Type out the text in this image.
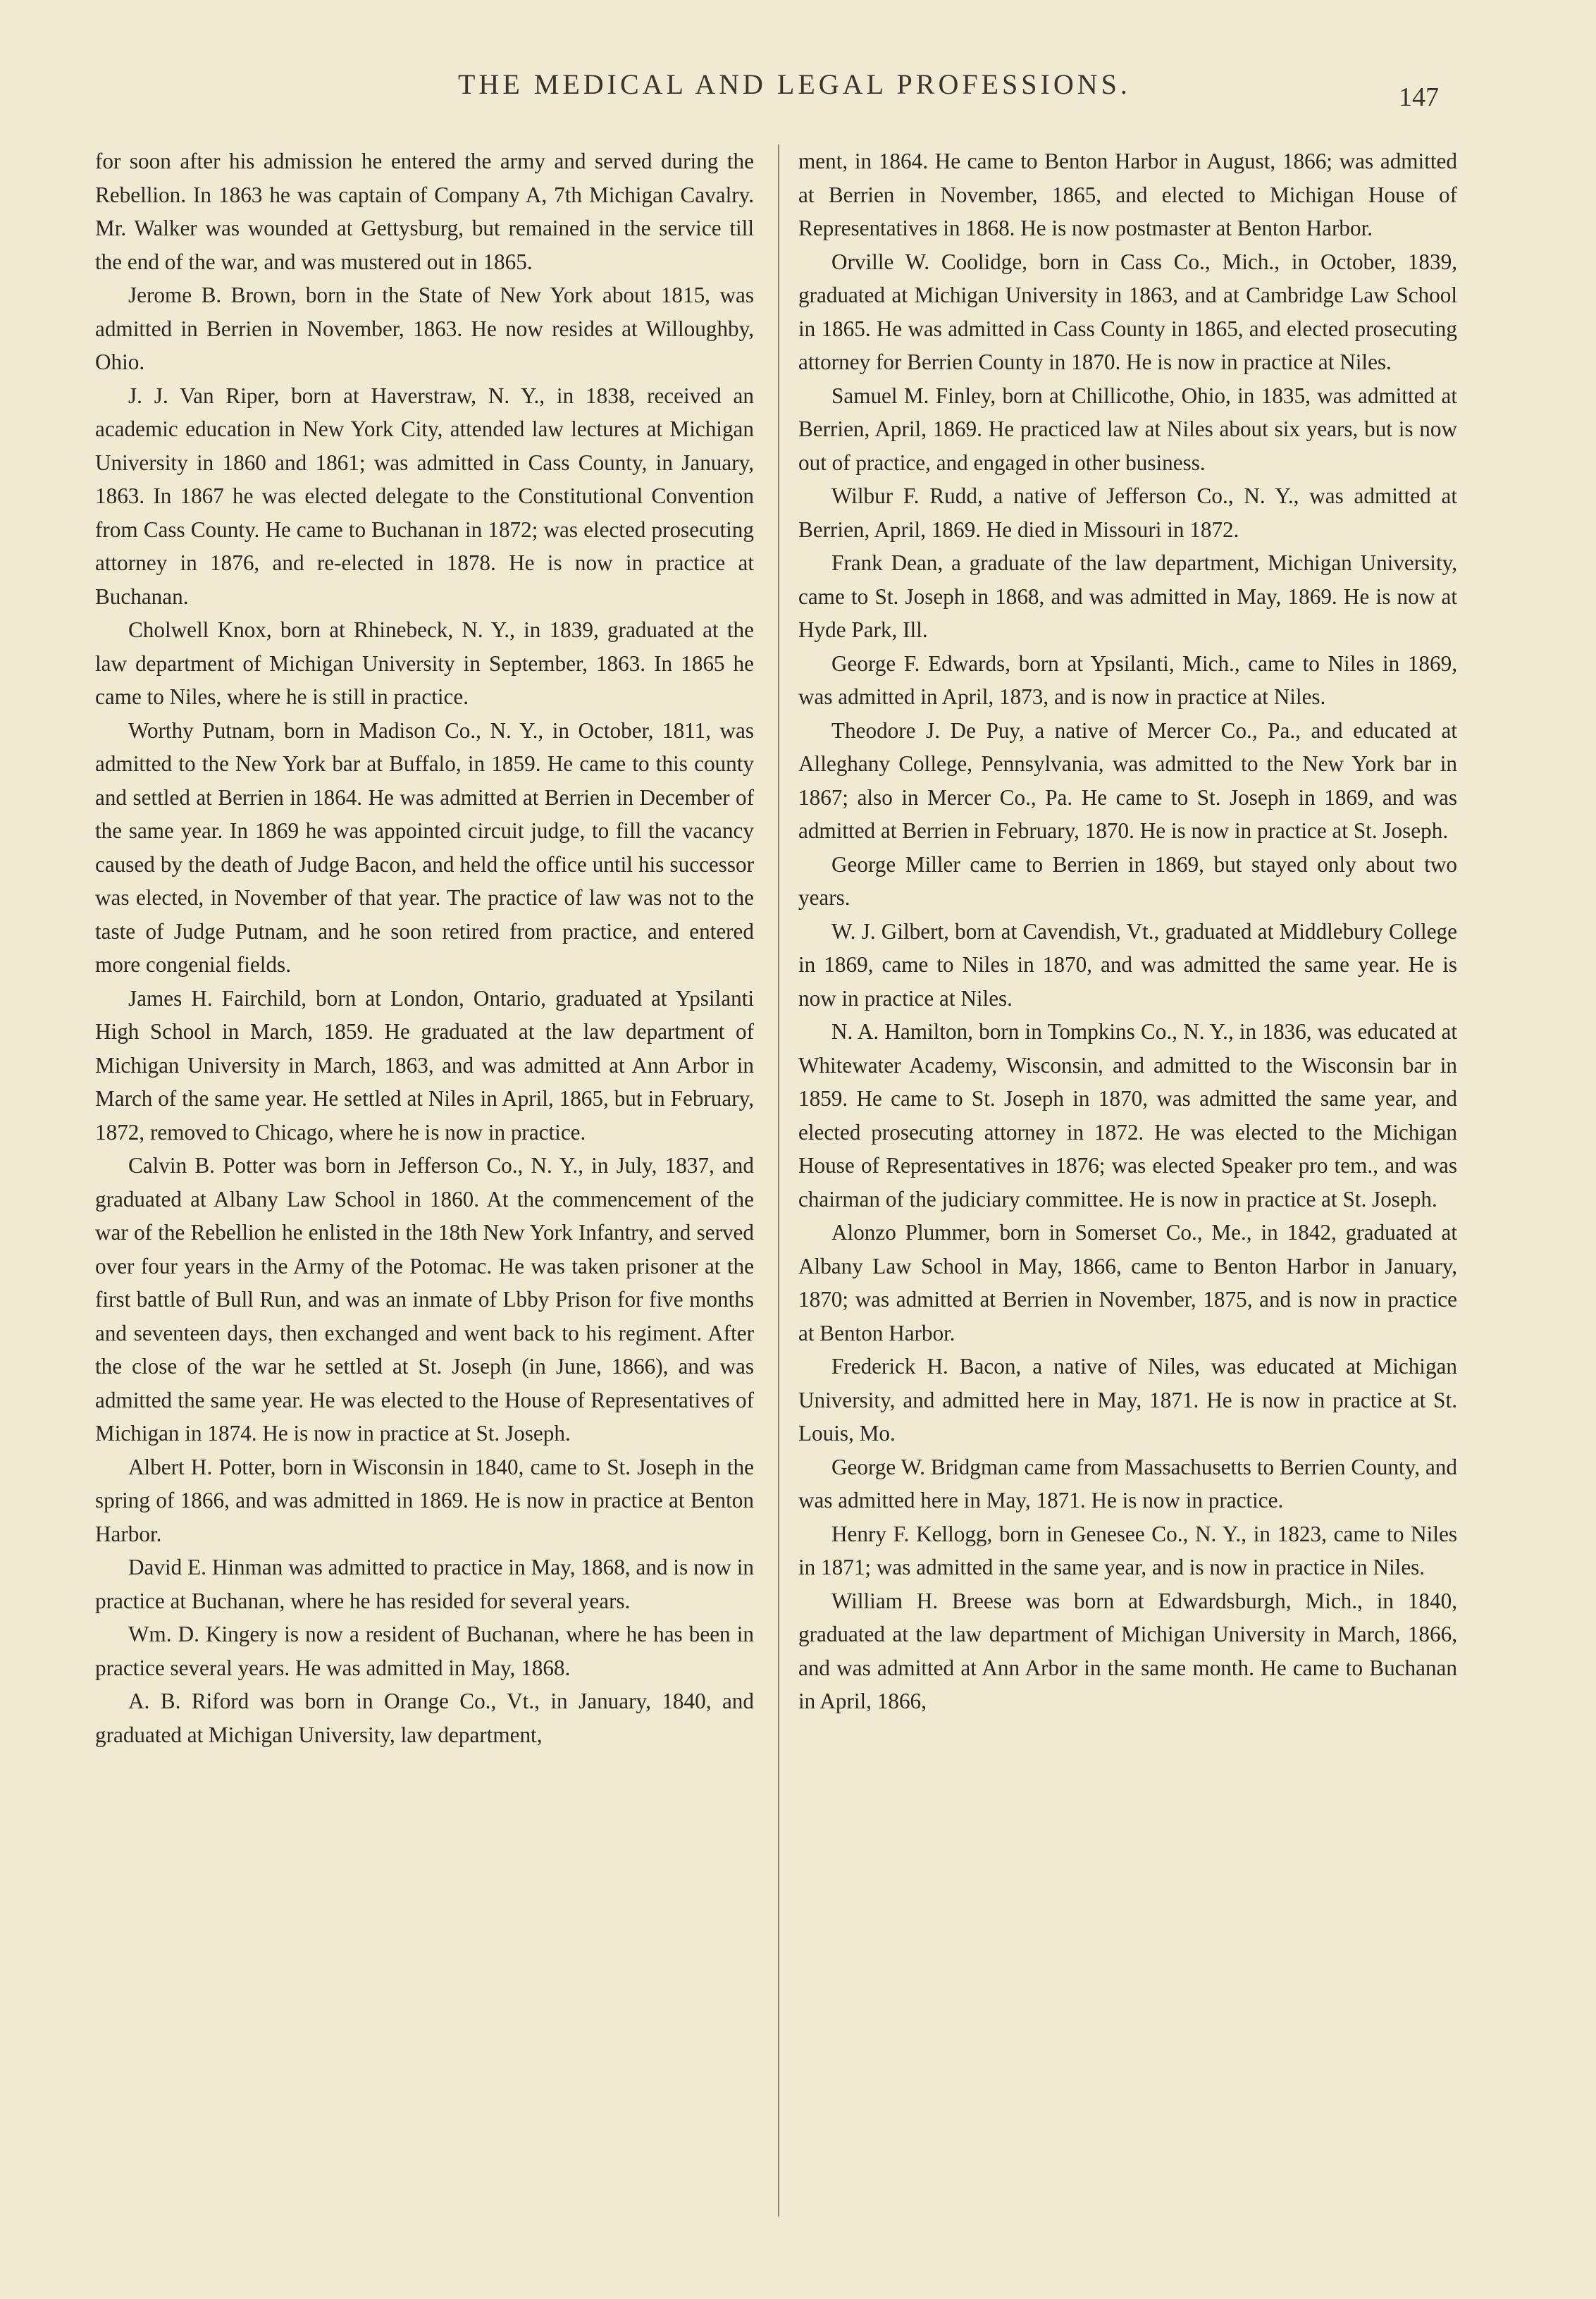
THE MEDICAL AND LEGAL PROFESSIONS.	147

for soon after his admission he entered the army and served during the Rebellion. In 1863 he was captain of Company A, 7th Michigan Cavalry. Mr. Walker was wounded at Gettysburg, but remained in the service till the end of the war, and was mustered out in 1865.

Jerome B. Brown, born in the State of New York about 1815, was admitted in Berrien in November, 1863. He now resides at Willoughby, Ohio.

J. J. Van Riper, born at Haverstraw, N. Y., in 1838, received an academic education in New York City, attended law lectures at Michigan University in 1860 and 1861; was admitted in Cass County, in January, 1863. In 1867 he was elected delegate to the Constitutional Convention from Cass County. He came to Buchanan in 1872; was elected prosecuting attorney in 1876, and re-elected in 1878. He is now in practice at Buchanan.

Cholwell Knox, born at Rhinebeck, N. Y., in 1839, graduated at the law department of Michigan University in September, 1863. In 1865 he came to Niles, where he is still in practice.

Worthy Putnam, born in Madison Co., N. Y., in October, 1811, was admitted to the New York bar at Buffalo, in 1859. He came to this county and settled at Berrien in 1864. He was admitted at Berrien in December of the same year. In 1869 he was appointed circuit judge, to fill the vacancy caused by the death of Judge Bacon, and held the office until his successor was elected, in November of that year. The practice of law was not to the taste of Judge Putnam, and he soon retired from practice, and entered more congenial fields.

James H. Fairchild, born at London, Ontario, graduated at Ypsilanti High School in March, 1859. He graduated at the law department of Michigan University in March, 1863, and was admitted at Ann Arbor in March of the same year. He settled at Niles in April, 1865, but in February, 1872, removed to Chicago, where he is now in practice.

Calvin B. Potter was born in Jefferson Co., N. Y., in July, 1837, and graduated at Albany Law School in 1860. At the commencement of the war of the Rebellion he enlisted in the 18th New York Infantry, and served over four years in the Army of the Potomac. He was taken prisoner at the first battle of Bull Run, and was an inmate of Lbby Prison for five months and seventeen days, then exchanged and went back to his regiment. After the close of the war he settled at St. Joseph (in June, 1866), and was admitted the same year. He was elected to the House of Representatives of Michigan in 1874. He is now in practice at St. Joseph.

Albert H. Potter, born in Wisconsin in 1840, came to St. Joseph in the spring of 1866, and was admitted in 1869. He is now in practice at Benton Harbor.

David E. Hinman was admitted to practice in May, 1868, and is now in practice at Buchanan, where he has resided for several years.

Wm. D. Kingery is now a resident of Buchanan, where he has been in practice several years. He was admitted in May, 1868.

A. B. Riford was born in Orange Co., Vt., in January, 1840, and graduated at Michigan University, law department,

ment, in 1864. He came to Benton Harbor in August, 1866; was admitted at Berrien in November, 1865, and elected to Michigan House of Representatives in 1868. He is now postmaster at Benton Harbor.

Orville W. Coolidge, born in Cass Co., Mich., in October, 1839, graduated at Michigan University in 1863, and at Cambridge Law School in 1865. He was admitted in Cass County in 1865, and elected prosecuting attorney for Berrien County in 1870. He is now in practice at Niles.

Samuel M. Finley, born at Chillicothe, Ohio, in 1835, was admitted at Berrien, April, 1869. He practiced law at Niles about six years, but is now out of practice, and engaged in other business.

Wilbur F. Rudd, a native of Jefferson Co., N. Y., was admitted at Berrien, April, 1869. He died in Missouri in 1872.

Frank Dean, a graduate of the law department, Michigan University, came to St. Joseph in 1868, and was admitted in May, 1869. He is now at Hyde Park, Ill.

George F. Edwards, born at Ypsilanti, Mich., came to Niles in 1869, was admitted in April, 1873, and is now in practice at Niles.

Theodore J. De Puy, a native of Mercer Co., Pa., and educated at Alleghany College, Pennsylvania, was admitted to the New York bar in 1867; also in Mercer Co., Pa. He came to St. Joseph in 1869, and was admitted at Berrien in February, 1870. He is now in practice at St. Joseph.

George Miller came to Berrien in 1869, but stayed only about two years.

W. J. Gilbert, born at Cavendish, Vt., graduated at Middlebury College in 1869, came to Niles in 1870, and was admitted the same year. He is now in practice at Niles.

N. A. Hamilton, born in Tompkins Co., N. Y., in 1836, was educated at Whitewater Academy, Wisconsin, and admitted to the Wisconsin bar in 1859. He came to St. Joseph in 1870, was admitted the same year, and elected prosecuting attorney in 1872. He was elected to the Michigan House of Representatives in 1876; was elected Speaker pro tem., and was chairman of the judiciary committee. He is now in practice at St. Joseph.

Alonzo Plummer, born in Somerset Co., Me., in 1842, graduated at Albany Law School in May, 1866, came to Benton Harbor in January, 1870; was admitted at Berrien in November, 1875, and is now in practice at Benton Harbor.

Frederick H. Bacon, a native of Niles, was educated at Michigan University, and admitted here in May, 1871. He is now in practice at St. Louis, Mo.

George W. Bridgman came from Massachusetts to Berrien County, and was admitted here in May, 1871. He is now in practice.

Henry F. Kellogg, born in Genesee Co., N. Y., in 1823, came to Niles in 1871; was admitted in the same year, and is now in practice in Niles.

William H. Breese was born at Edwardsburgh, Mich., in 1840, graduated at the law department of Michigan University in March, 1866, and was admitted at Ann Arbor in the same month. He came to Buchanan in April, 1866,
